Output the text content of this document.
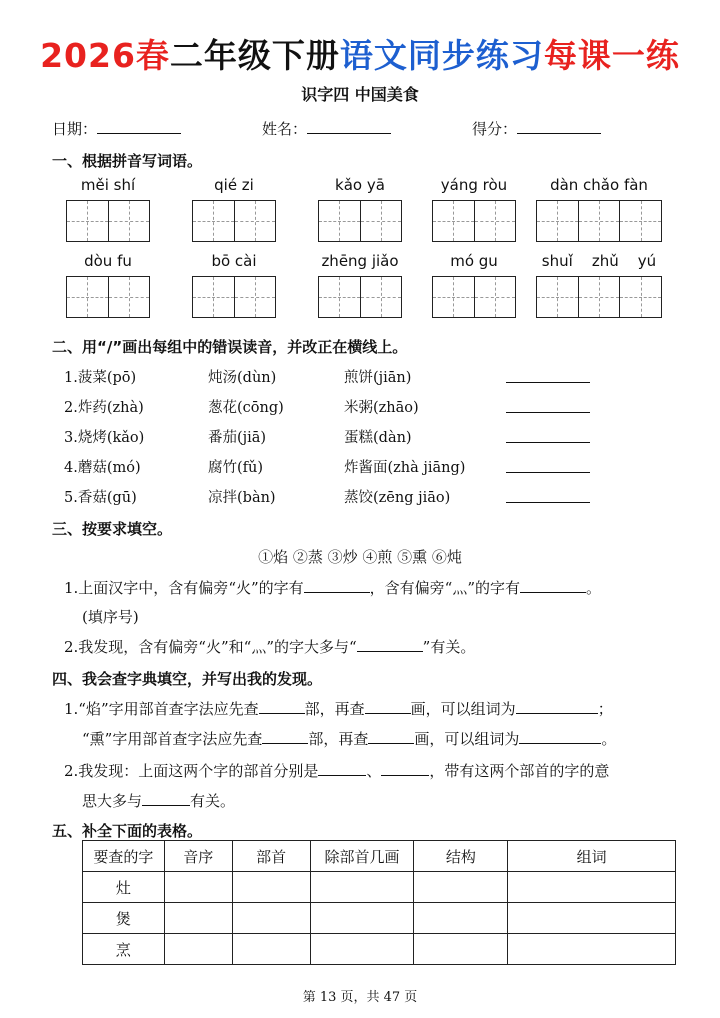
2026春二年级下册语文同步练习每课一练
识字四 中国美食
日期：	姓名：	得分：
一、根据拼音写词语。
měi shí	qié zi	kǎo yā	yáng ròu	dàn chǎo fàn
dòu fu	bō cài	zhēng jiǎo	mó gu	shuǐ    zhǔ    yú
二、用“/”画出每组中的错误读音，并改正在横线上。
1.菠菜(pō)	炖汤(dùn)	煎饼(jiān)
2.炸药(zhà)	葱花(cōng)	米粥(zhāo)
3.烧烤(kǎo)	番茄(jiā)	蛋糕(dàn)
4.蘑菇(mó)	腐竹(fǔ)	炸酱面(zhà jiāng)
5.香菇(gū)	凉拌(bàn)	蒸饺(zēng jiāo)
三、按要求填空。
①焰 ②蒸 ③炒 ④煎 ⑤熏 ⑥炖
1.上面汉字中，含有偏旁“火”的字有	，含有偏旁“灬”的字有	。
(填序号)
2.我发现，含有偏旁“火”和“灬”的字大多与“	”有关。
四、我会查字典填空，并写出我的发现。
1.“焰”字用部首查字法应先查	部，再查	画，可以组词为	；
“熏”字用部首查字法应先查	部，再查	画，可以组词为	。
2.我发现：上面这两个字的部首分别是	、	，带有这两个部首的字的意
思大多与	有关。
五、补全下面的表格。
要查的字	音序	部首	除部首几画	结构	组词
灶					
煲					
烹					
第 13 页，共 47 页
